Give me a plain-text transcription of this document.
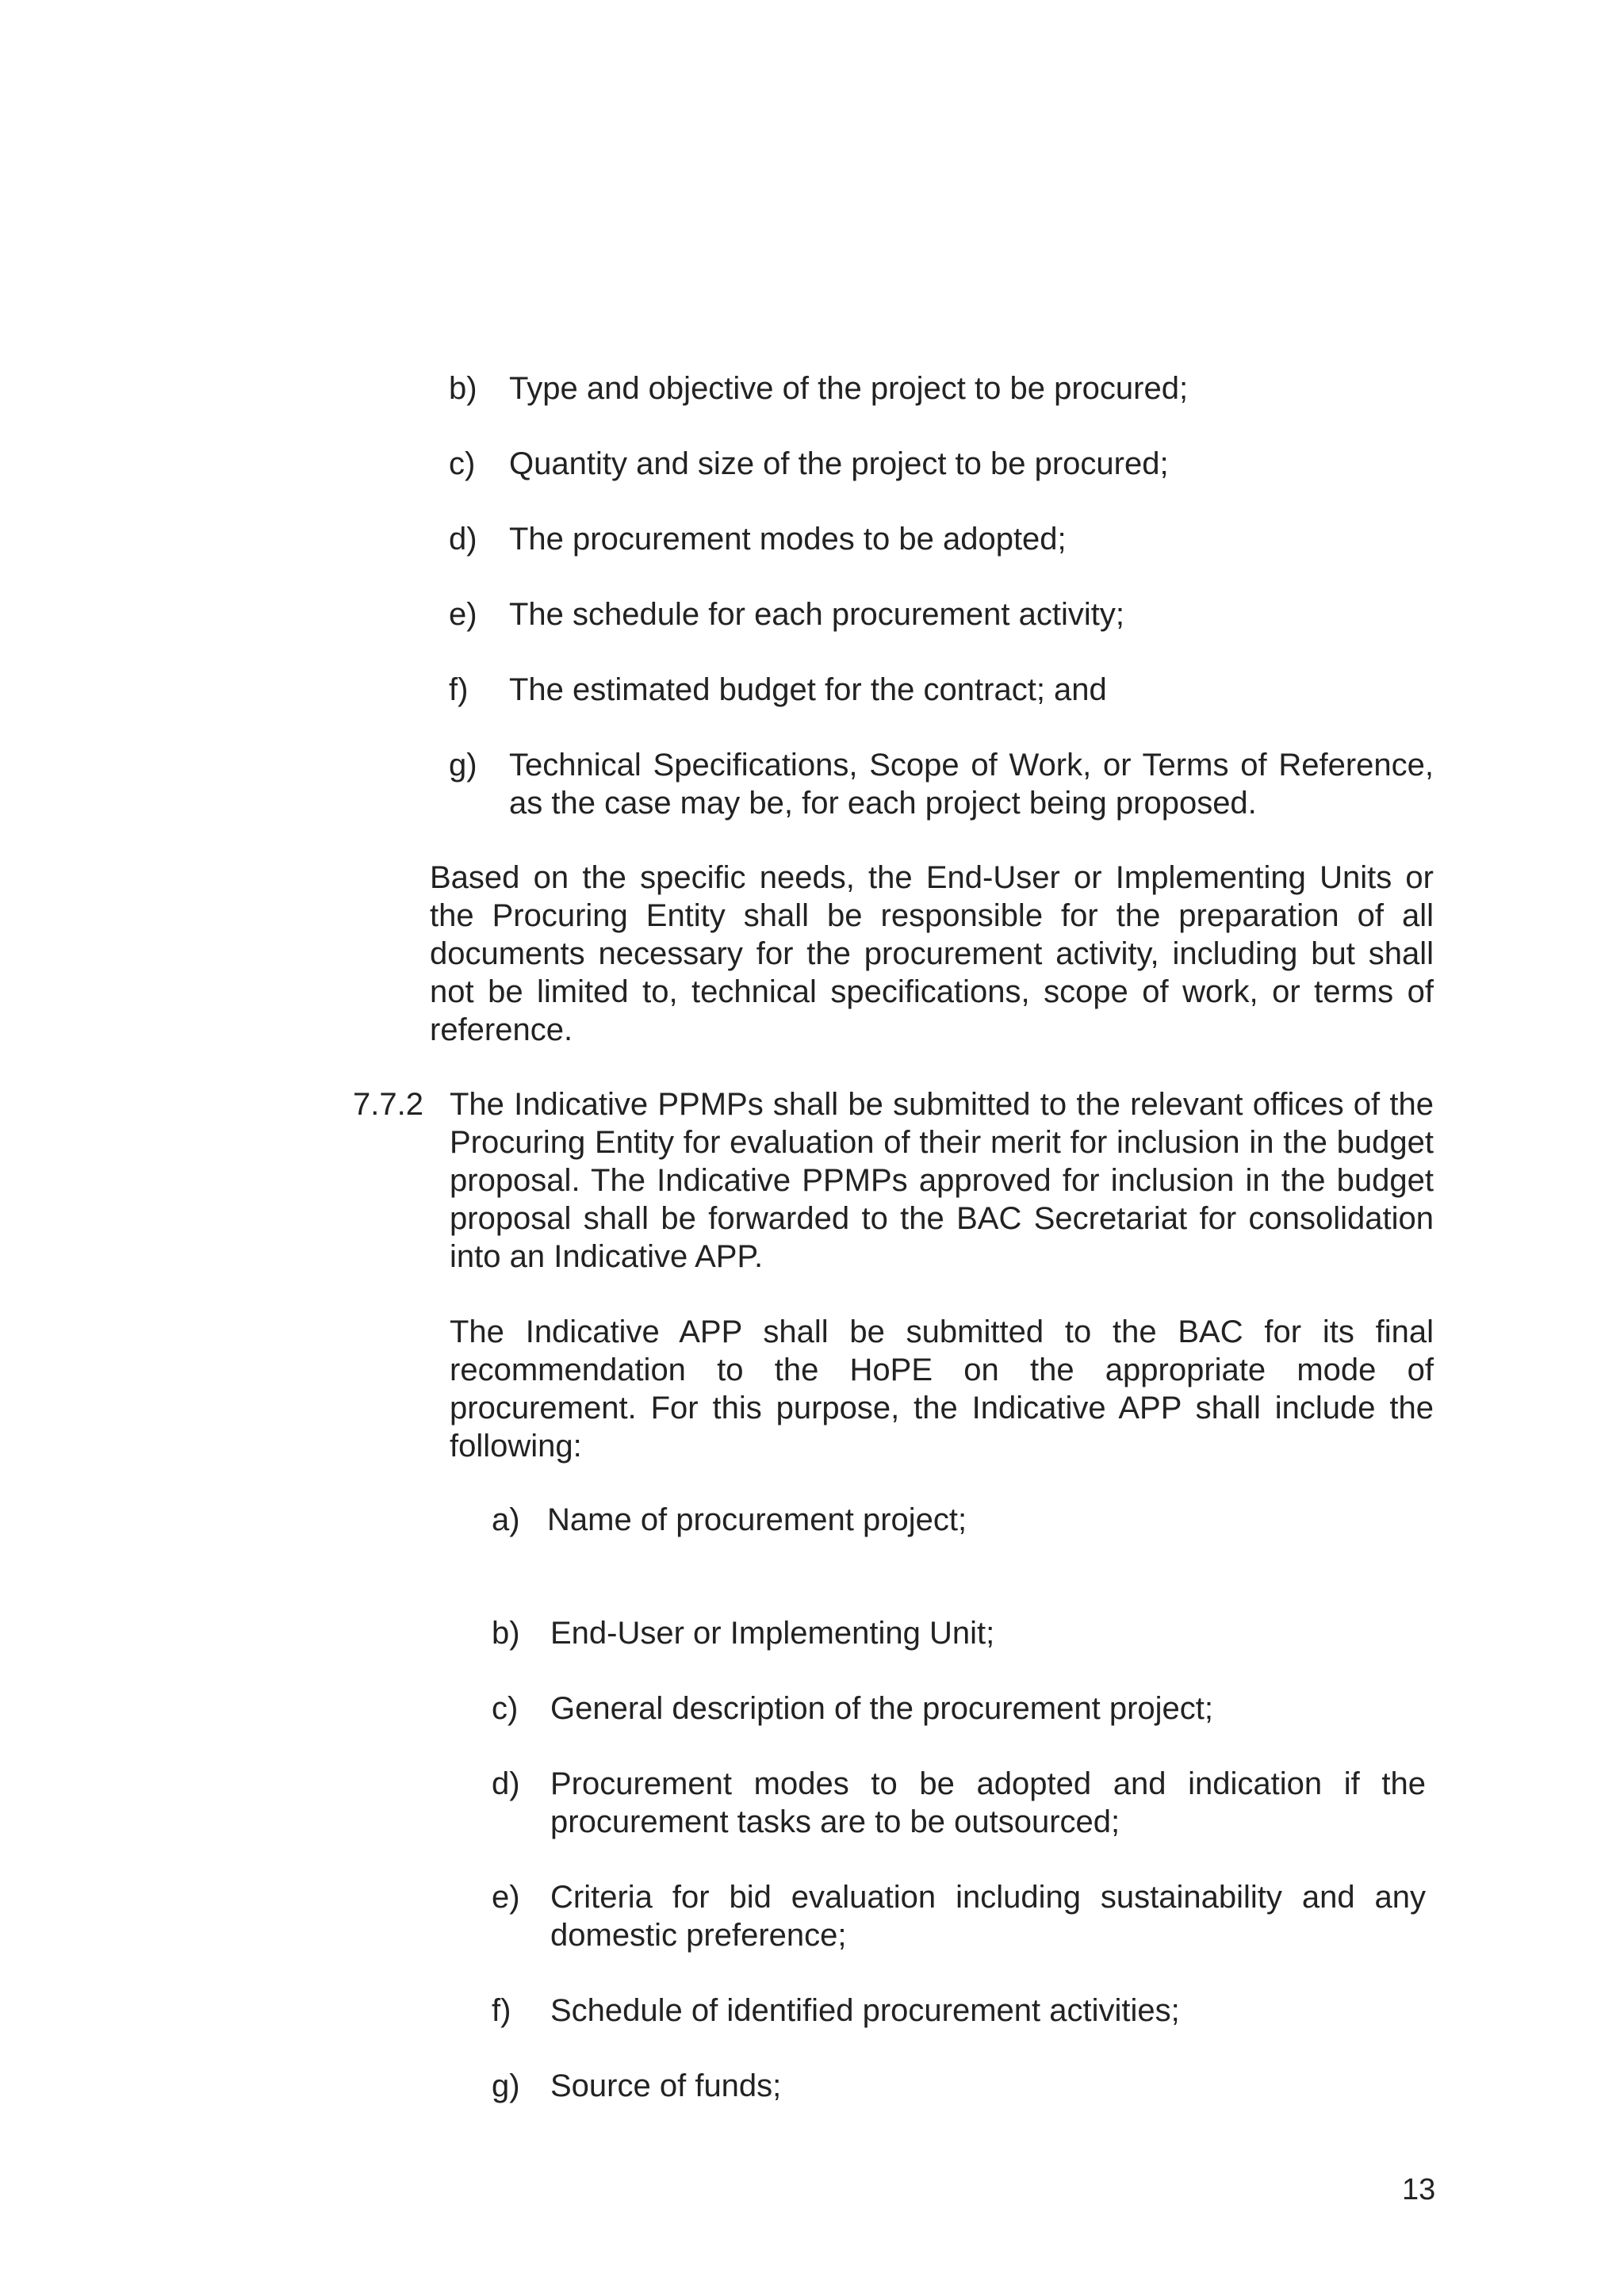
b)	Type and objective of the project to be procured;
c)	Quantity and size of the project to be procured;
d)	The procurement modes to be adopted;
e)	The schedule for each procurement activity;
f)	The estimated budget for the contract; and
g)	Technical Specifications, Scope of Work, or Terms of Reference, as the case may be, for each project being proposed.
Based on the specific needs, the End-User or Implementing Units or the Procuring Entity shall be responsible for the preparation of all documents necessary for the procurement activity, including but shall not be limited to, technical specifications, scope of work, or terms of reference.
7.7.2 The Indicative PPMPs shall be submitted to the relevant offices of the Procuring Entity for evaluation of their merit for inclusion in the budget proposal. The Indicative PPMPs approved for inclusion in the budget proposal shall be forwarded to the BAC Secretariat for consolidation into an Indicative APP.
The Indicative APP shall be submitted to the BAC for its final recommendation to the HoPE on the appropriate mode of procurement. For this purpose, the Indicative APP shall include the following:
a) Name of procurement project;
b) End-User or Implementing Unit;
c)	General description of the procurement project;
d) Procurement modes to be adopted and indication if the procurement tasks are to be outsourced;
e) Criteria for bid evaluation including sustainability and any domestic preference;
f)	Schedule of identified procurement activities;
g) Source of funds;
13
